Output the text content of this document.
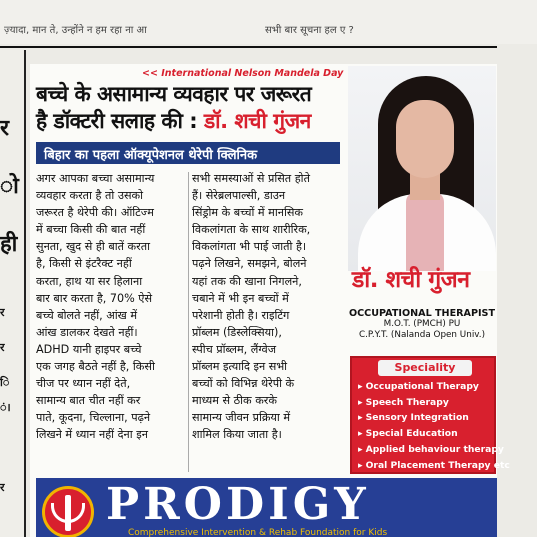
ज़्यादा, मान ते, उन्होंने न हम रहा ना आ	सभी बार सूचना हल ए ?
र
ो
ही
र
र
ि
ं।
र
<< International Nelson Mandela Day
बच्चे के असामान्य व्यवहार पर जरूरत
है डॉक्टरी सलाह की : डॉ. शची गुंजन
बिहार का पहला ऑक्यूपेशनल थेरेपी क्लिनिक
अगर आपका बच्चा असामान्य
व्यवहार करता है तो उसको
जरूरत है थेरेपी की। ऑटिज्म
में बच्चा किसी की बात नहीं
सुनता, खुद से ही बातें करता
है, किसी से इंटरैक्ट नहीं
करता, हाथ या सर हिलाना
बार बार करता है, 70% ऐसे
बच्चे बोलते नहीं, आंख में
आंख डालकर देखते नहीं।
ADHD यानी हाइपर बच्चे
एक जगह बैठते नहीं है, किसी
चीज पर ध्यान नहीं देते,
सामान्य बात चीत नहीं कर
पाते, कूदना, चिल्लाना, पढ़ने
लिखने में ध्यान नहीं देना इन
सभी समस्याओं से प्रसित होते
हैं। सेरेब्रलपाल्सी, डाउन
सिंड्रोम के बच्चों में मानसिक
विकलांगता के साथ शारीरिक,
विकलांगता भी पाई जाती है।
पढ़ने लिखने, समझने, बोलने
यहां तक की खाना निगलने,
चबाने में भी इन बच्चों में
परेशानी होती है। राइटिंग
प्रॉब्लम (डिस्लेक्सिया),
स्पीच प्रॉब्लम, लैंग्वेज
प्रॉब्लम इत्यादि इन सभी
बच्चों को विभिन्न थेरेपी के
माध्यम से ठीक करके
सामान्य जीवन प्रक्रिया में
शामिल किया जाता है।
डॉ. शची गुंजन
OCCUPATIONAL THERAPIST
M.O.T. (PMCH) PU
C.P.Y.T. (Nalanda Open Univ.)
Speciality
▸ Occupational Therapy
▸ Speech Therapy
▸ Sensory Integration
▸ Special Education
▸ Applied behaviour therapy
▸ Oral Placement Therapy etc
PRODIGY
Comprehensive Intervention & Rehab Foundation for Kids
